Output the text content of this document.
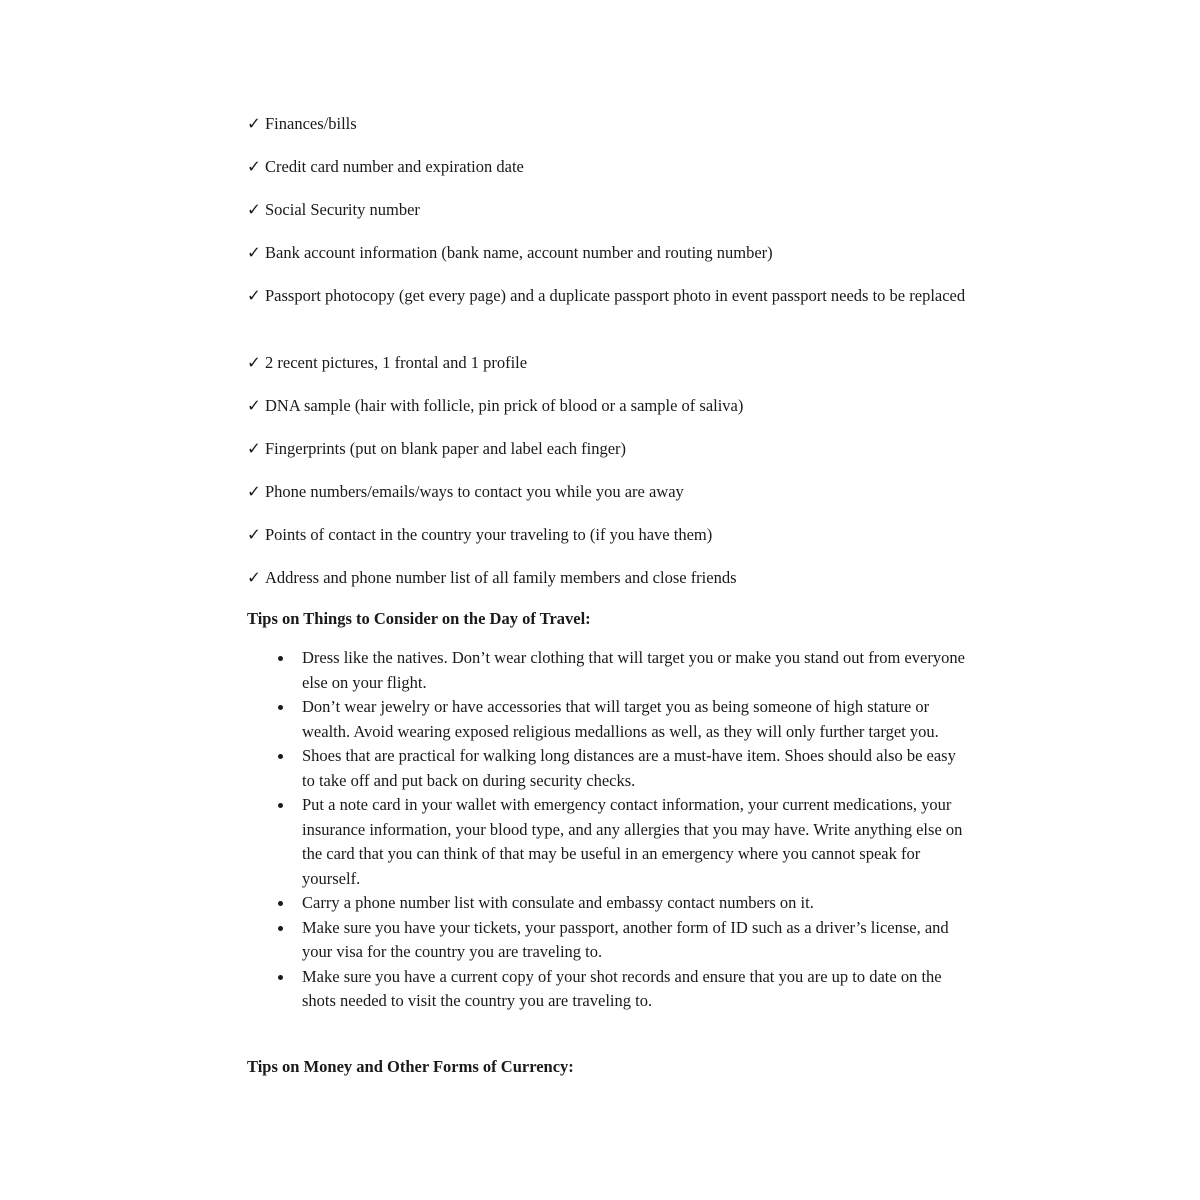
✓ Finances/bills
✓ Credit card number and expiration date
✓ Social Security number
✓ Bank account information (bank name, account number and routing number)
✓ Passport photocopy (get every page) and a duplicate passport photo in event passport needs to be replaced
✓ 2 recent pictures, 1 frontal and 1 profile
✓ DNA sample (hair with follicle, pin prick of blood or a sample of saliva)
✓ Fingerprints (put on blank paper and label each finger)
✓ Phone numbers/emails/ways to contact you while you are away
✓ Points of contact in the country your traveling to (if you have them)
✓ Address and phone number list of all family members and close friends
Tips on Things to Consider on the Day of Travel:
Dress like the natives. Don’t wear clothing that will target you or make you stand out from everyone else on your flight.
Don’t wear jewelry or have accessories that will target you as being someone of high stature or wealth. Avoid wearing exposed religious medallions as well, as they will only further target you.
Shoes that are practical for walking long distances are a must-have item. Shoes should also be easy to take off and put back on during security checks.
Put a note card in your wallet with emergency contact information, your current medications, your insurance information, your blood type, and any allergies that you may have. Write anything else on the card that you can think of that may be useful in an emergency where you cannot speak for yourself.
Carry a phone number list with consulate and embassy contact numbers on it.
Make sure you have your tickets, your passport, another form of ID such as a driver’s license, and your visa for the country you are traveling to.
Make sure you have a current copy of your shot records and ensure that you are up to date on the shots needed to visit the country you are traveling to.
Tips on Money and Other Forms of Currency:
